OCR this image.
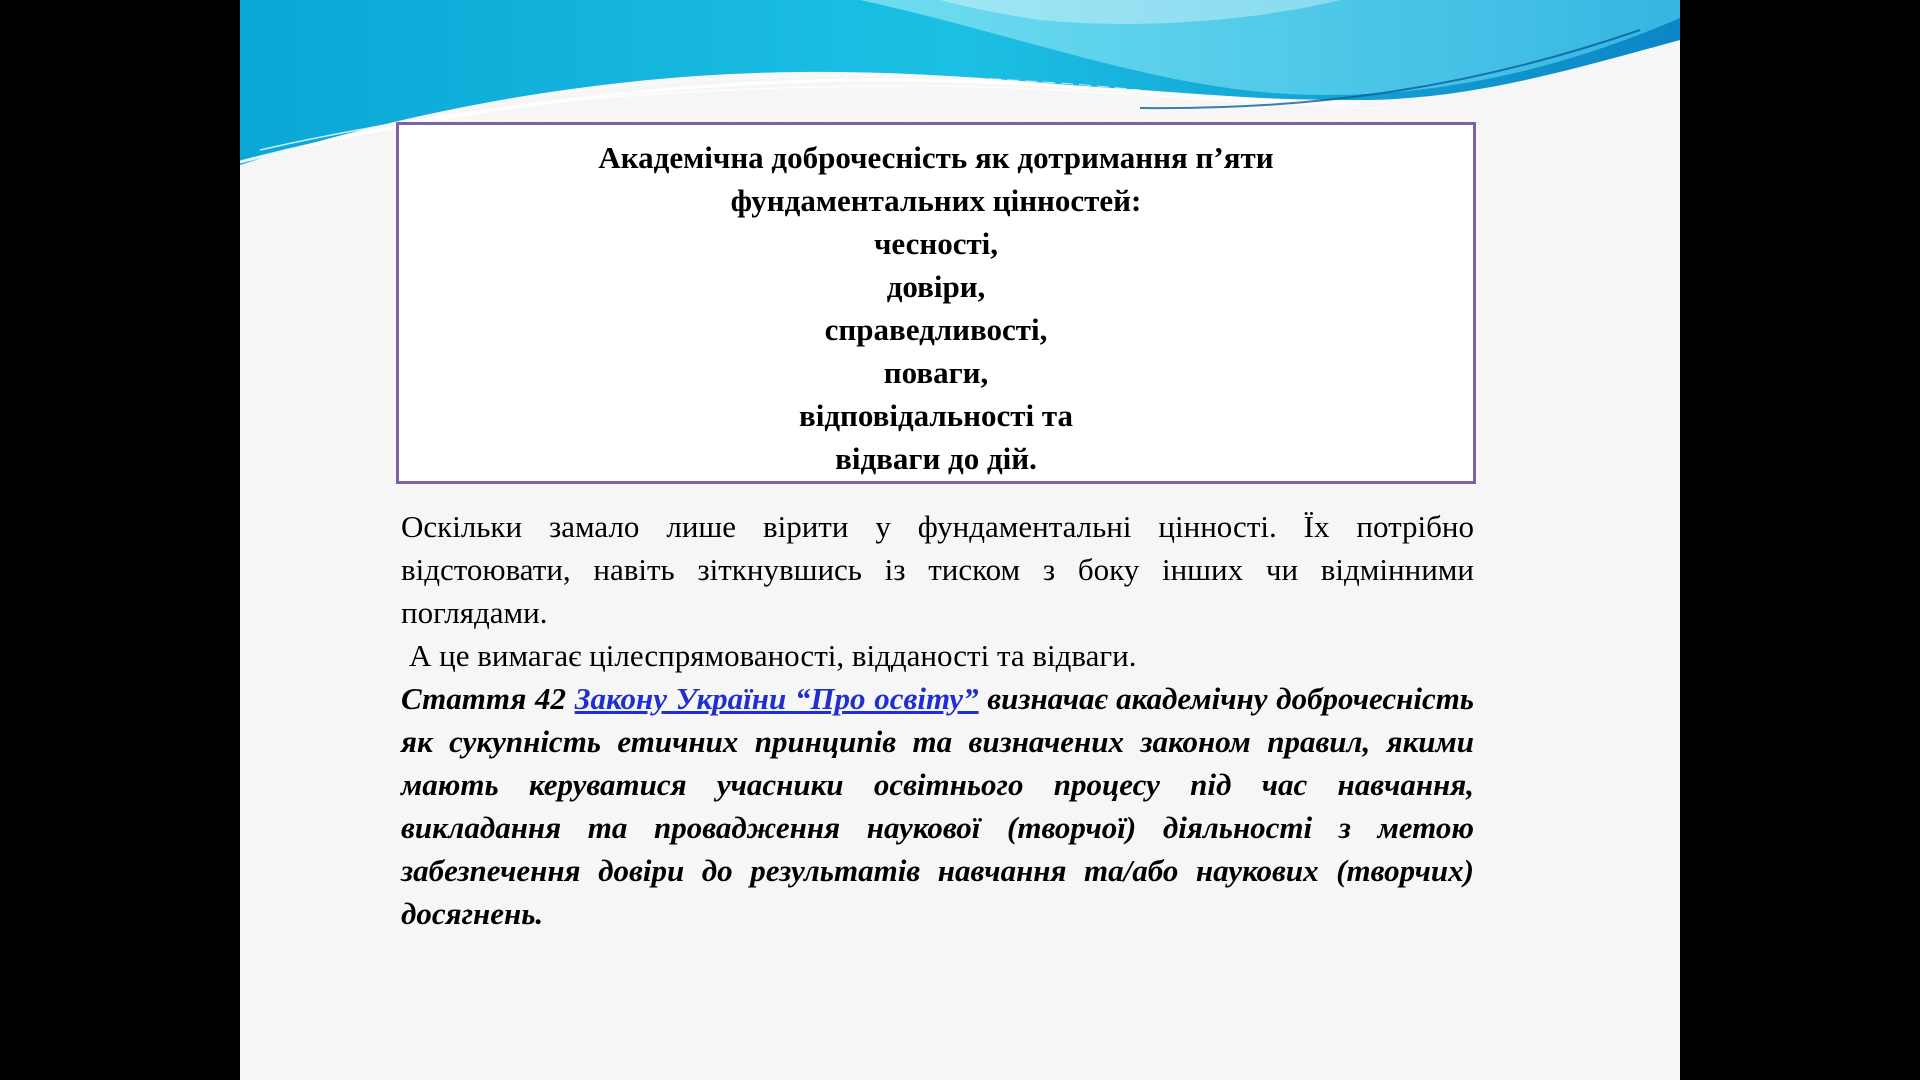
Академічна доброчесність як дотримання п’яти
фундаментальних цінностей:
чесності,
довіри,
справедливості,
поваги,
відповідальності та
відваги до дій.

Оскільки замало лише вірити у фундаментальні цінності. Їх потрібно відстоювати, навіть зіткнувшись із тиском з боку інших чи відмінними поглядами.

А це вимагає цілеспрямованості, відданості та відваги.

Стаття 42 Закону України “Про освіту” визначає академічну доброчесність як сукупність етичних принципів та визначених законом правил, якими мають керуватися учасники освітнього процесу під час навчання, викладання та провадження наукової (творчої) діяльності з метою забезпечення довіри до результатів навчання та/або наукових (творчих) досягнень.
